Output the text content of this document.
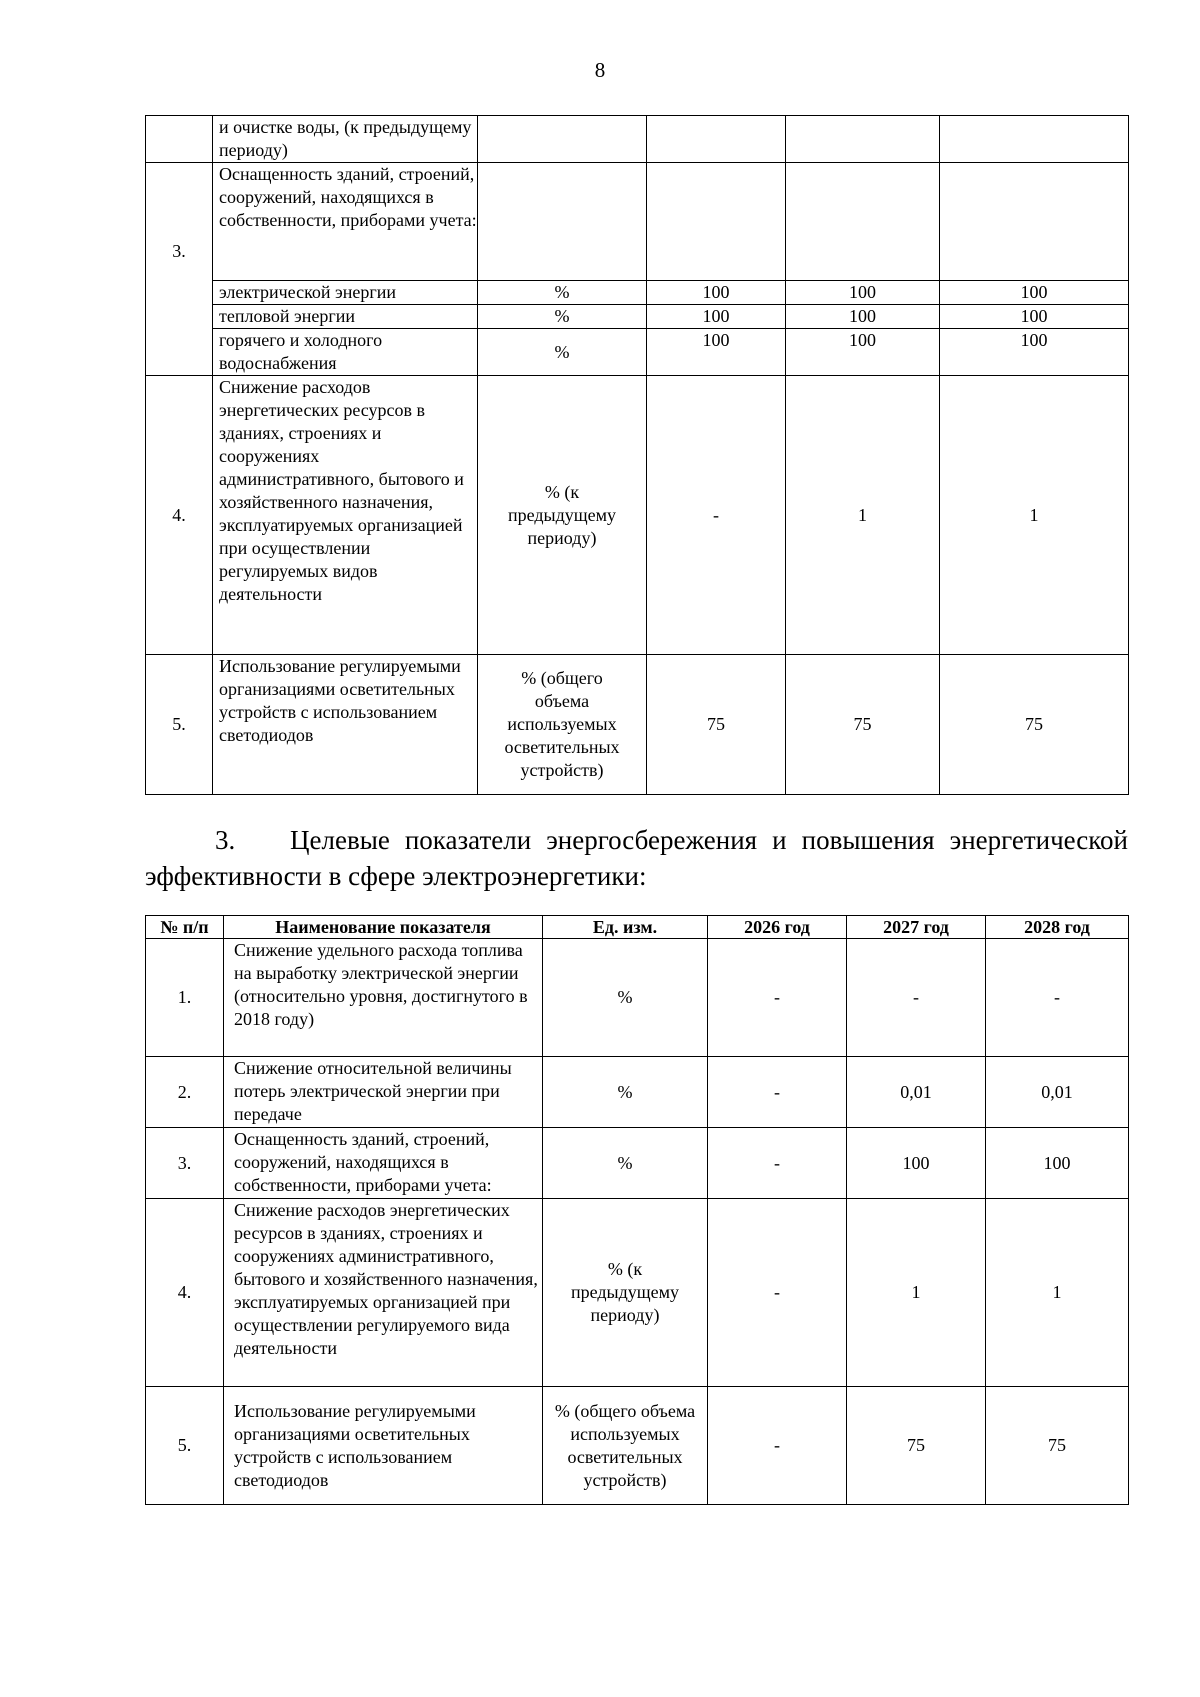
8
	и очистке воды, (к предыдущему периоду)				
3.	Оснащенность зданий, строений, сооружений, находящихся в собственности, приборами учета:				
	электрической энергии	%	100	100	100
	тепловой энергии	%	100	100	100
	горячего и холодного водоснабжения	%	100	100	100
4.	Снижение расходов энергетических ресурсов в зданиях, строениях и сооружениях административного, бытового и хозяйственного назначения, эксплуатируемых организацией при осуществлении регулируемых видов деятельности	% (к предыдущему периоду)	-	1	1
5.	Использование регулируемыми организациями осветительных устройств с использованием светодиодов	% (общего объема используемых осветительных устройств)	75	75	75
3. Целевые показатели энергосбережения и повышения энергетической эффективности в сфере электроэнергетики:
№ п/п	Наименование показателя	Ед. изм.	2026 год	2027 год	2028 год
1.	Снижение удельного расхода топлива на выработку электрической энергии (относительно уровня, достигнутого в 2018 году)	%	-	-	-
2.	Снижение относительной величины потерь электрической энергии при передаче	%	-	0,01	0,01
3.	Оснащенность зданий, строений, сооружений, находящихся в собственности, приборами учета:	%	-	100	100
4.	Снижение расходов энергетических ресурсов в зданиях, строениях и сооружениях административного, бытового и хозяйственного назначения, эксплуатируемых организацией при осуществлении регулируемого вида деятельности	% (к предыдущему периоду)	-	1	1
5.	Использование регулируемыми организациями осветительных устройств с использованием светодиодов	% (общего объема используемых осветительных устройств)	-	75	75
